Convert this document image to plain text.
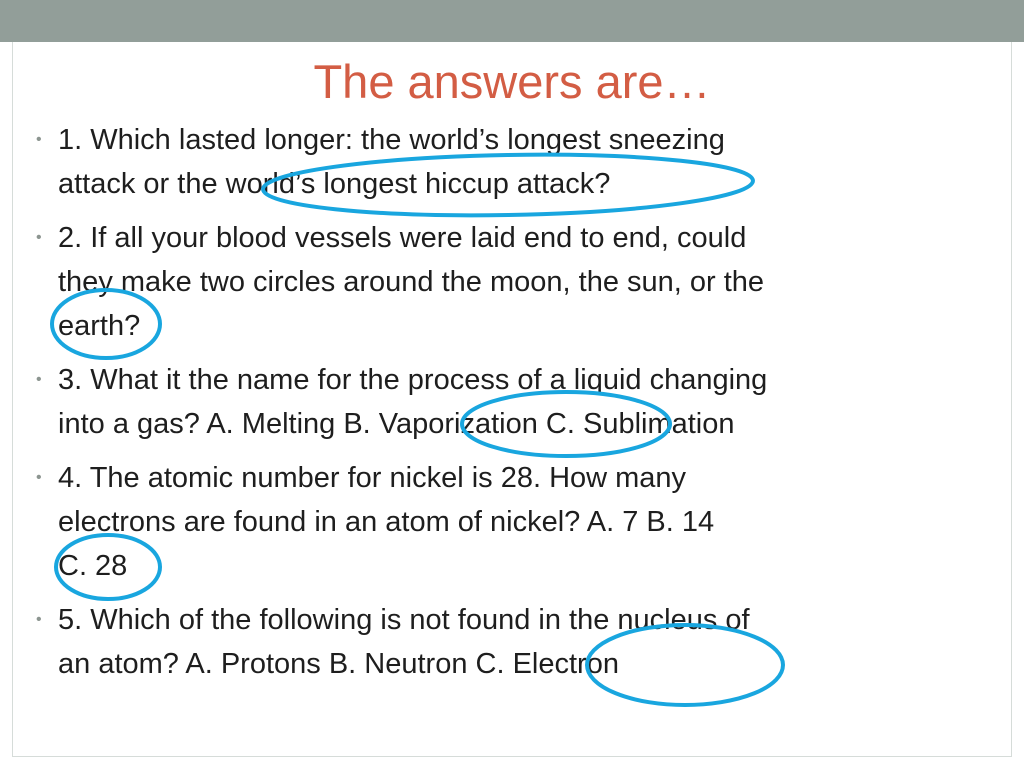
The answers are…
• 1. Which lasted longer: the world’s longest sneezing
attack or the world’s longest hiccup attack?
• 2. If all your blood vessels were laid end to end, could
they make two circles around the moon, the sun, or the
earth?
• 3. What it the name for the process of a liquid changing
into a gas? A. Melting B. Vaporization C. Sublimation
• 4. The atomic number for nickel is 28. How many
electrons are found in an atom of nickel? A. 7 B. 14
C. 28
• 5. Which of the following is not found in the nucleus of
an atom? A. Protons B. Neutron C. Electron
